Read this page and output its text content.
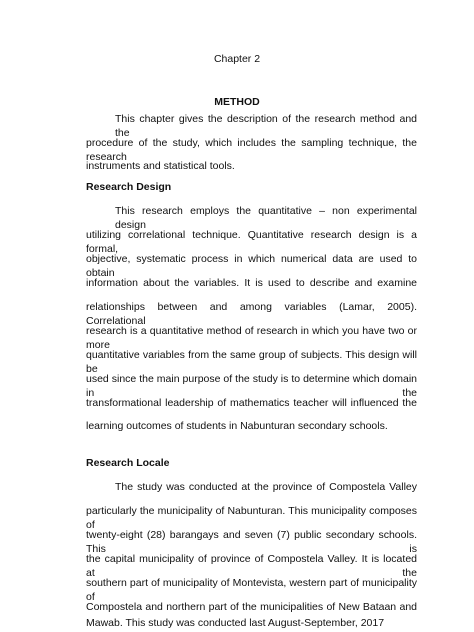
Chapter 2
METHOD
This chapter gives the description of the research method and the
procedure of the study, which includes the sampling technique, the research
instruments and statistical tools.
Research Design
This research employs the quantitative – non experimental design
utilizing correlational technique. Quantitative research design is a formal,
objective, systematic process in which numerical data are used to obtain
information about the variables. It is used to describe and examine
relationships between and among variables (Lamar, 2005). Correlational
research is a quantitative method of research in which you have two or more
quantitative variables from the same group of subjects. This design will be
used since the main purpose of the study is to determine which domain in the
transformational leadership of mathematics teacher will influenced the
learning outcomes of students in Nabunturan secondary schools.
Research Locale
The study was conducted at the province of Compostela Valley
particularly the municipality of Nabunturan. This municipality composes of
twenty-eight (28) barangays and seven (7) public secondary schools. This is
the capital municipality of province of Compostela Valley. It is located at the
southern part of municipality of Montevista, western part of municipality of
Compostela and northern part of the municipalities of New Bataan and
Mawab. This study was conducted last August-September, 2017
